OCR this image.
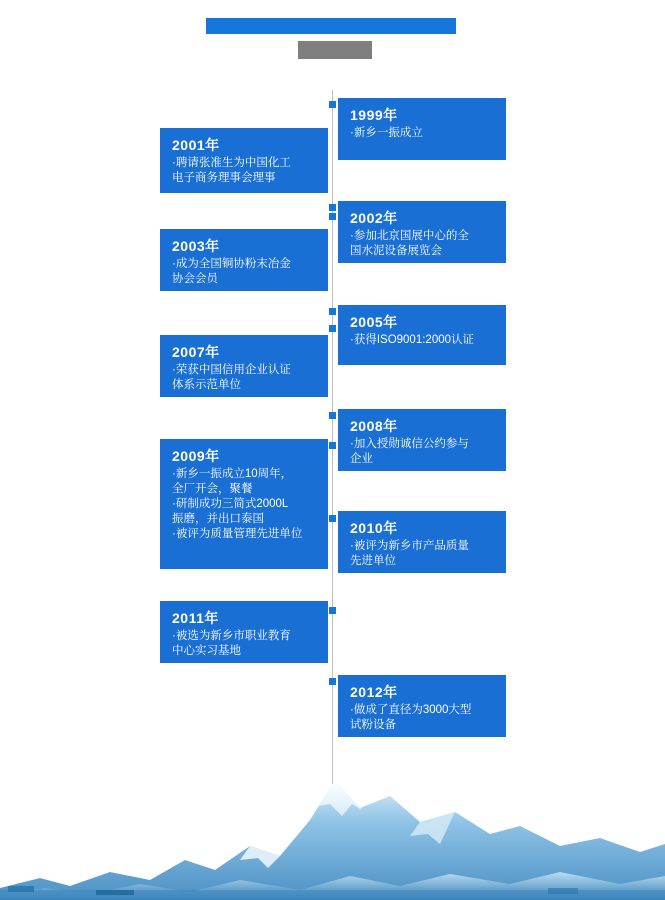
1999年
·新乡一振成立
2001年
·聘请张准生为中国化工
电子商务理事会理事
2002年
·参加北京国展中心的全
国水泥设备展览会
2003年
·成为全国铜协粉末冶金
协会会员
2005年
·获得ISO9001:2000认证
2007年
·荣获中国信用企业认证
体系示范单位
2008年
·加入授勋诚信公约参与
企业
2009年
·新乡一振成立10周年，
全厂开会，聚餐
·研制成功三简式2000L
振磨，并出口泰国
·被评为质量管理先进单位	2010年
·被评为新乡市产品质量
先进单位
2011年
·被选为新乡市职业教育
中心实习基地
2012年
·做成了直径为3000大型
试粉设备
